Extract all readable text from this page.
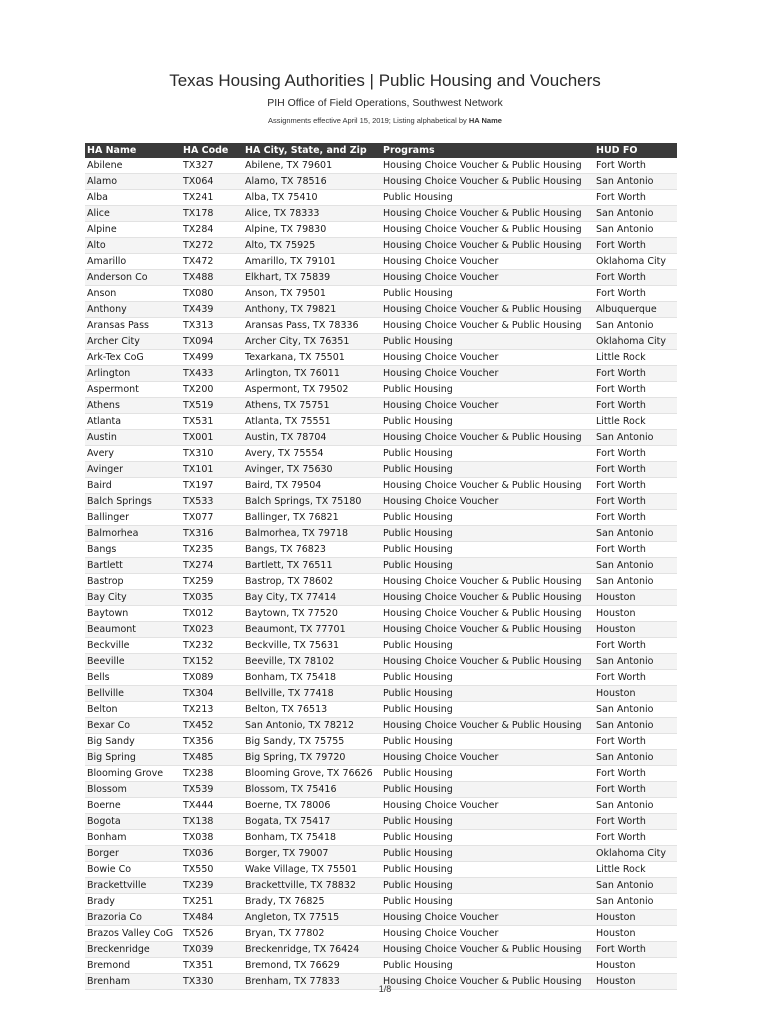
Texas Housing Authorities | Public Housing and Vouchers
PIH Office of Field Operations, Southwest Network
Assignments effective April 15, 2019; Listing alphabetical by HA Name
HA Name	HA Code	HA City, State, and Zip	Programs	HUD FO
Abilene	TX327	Abilene, TX 79601	Housing Choice Voucher & Public Housing	Fort Worth
Alamo	TX064	Alamo, TX 78516	Housing Choice Voucher & Public Housing	San Antonio
Alba	TX241	Alba, TX 75410	Public Housing	Fort Worth
Alice	TX178	Alice, TX 78333	Housing Choice Voucher & Public Housing	San Antonio
Alpine	TX284	Alpine, TX 79830	Housing Choice Voucher & Public Housing	San Antonio
Alto	TX272	Alto, TX 75925	Housing Choice Voucher & Public Housing	Fort Worth
Amarillo	TX472	Amarillo, TX 79101	Housing Choice Voucher	Oklahoma City
Anderson Co	TX488	Elkhart, TX 75839	Housing Choice Voucher	Fort Worth
Anson	TX080	Anson, TX 79501	Public Housing	Fort Worth
Anthony	TX439	Anthony, TX 79821	Housing Choice Voucher & Public Housing	Albuquerque
Aransas Pass	TX313	Aransas Pass, TX 78336	Housing Choice Voucher & Public Housing	San Antonio
Archer City	TX094	Archer City, TX 76351	Public Housing	Oklahoma City
Ark-Tex CoG	TX499	Texarkana, TX 75501	Housing Choice Voucher	Little Rock
Arlington	TX433	Arlington, TX 76011	Housing Choice Voucher	Fort Worth
Aspermont	TX200	Aspermont, TX 79502	Public Housing	Fort Worth
Athens	TX519	Athens, TX 75751	Housing Choice Voucher	Fort Worth
Atlanta	TX531	Atlanta, TX 75551	Public Housing	Little Rock
Austin	TX001	Austin, TX 78704	Housing Choice Voucher & Public Housing	San Antonio
Avery	TX310	Avery, TX 75554	Public Housing	Fort Worth
Avinger	TX101	Avinger, TX 75630	Public Housing	Fort Worth
Baird	TX197	Baird, TX 79504	Housing Choice Voucher & Public Housing	Fort Worth
Balch Springs	TX533	Balch Springs, TX 75180	Housing Choice Voucher	Fort Worth
Ballinger	TX077	Ballinger, TX 76821	Public Housing	Fort Worth
Balmorhea	TX316	Balmorhea, TX 79718	Public Housing	San Antonio
Bangs	TX235	Bangs, TX 76823	Public Housing	Fort Worth
Bartlett	TX274	Bartlett, TX 76511	Public Housing	San Antonio
Bastrop	TX259	Bastrop, TX 78602	Housing Choice Voucher & Public Housing	San Antonio
Bay City	TX035	Bay City, TX 77414	Housing Choice Voucher & Public Housing	Houston
Baytown	TX012	Baytown, TX 77520	Housing Choice Voucher & Public Housing	Houston
Beaumont	TX023	Beaumont, TX 77701	Housing Choice Voucher & Public Housing	Houston
Beckville	TX232	Beckville, TX 75631	Public Housing	Fort Worth
Beeville	TX152	Beeville, TX 78102	Housing Choice Voucher & Public Housing	San Antonio
Bells	TX089	Bonham, TX 75418	Public Housing	Fort Worth
Bellville	TX304	Bellville, TX 77418	Public Housing	Houston
Belton	TX213	Belton, TX 76513	Public Housing	San Antonio
Bexar Co	TX452	San Antonio, TX 78212	Housing Choice Voucher & Public Housing	San Antonio
Big Sandy	TX356	Big Sandy, TX 75755	Public Housing	Fort Worth
Big Spring	TX485	Big Spring, TX 79720	Housing Choice Voucher	San Antonio
Blooming Grove	TX238	Blooming Grove, TX 76626	Public Housing	Fort Worth
Blossom	TX539	Blossom, TX 75416	Public Housing	Fort Worth
Boerne	TX444	Boerne, TX 78006	Housing Choice Voucher	San Antonio
Bogota	TX138	Bogata, TX 75417	Public Housing	Fort Worth
Bonham	TX038	Bonham, TX 75418	Public Housing	Fort Worth
Borger	TX036	Borger, TX 79007	Public Housing	Oklahoma City
Bowie Co	TX550	Wake Village, TX 75501	Public Housing	Little Rock
Brackettville	TX239	Brackettville, TX 78832	Public Housing	San Antonio
Brady	TX251	Brady, TX 76825	Public Housing	San Antonio
Brazoria Co	TX484	Angleton, TX 77515	Housing Choice Voucher	Houston
Brazos Valley CoG	TX526	Bryan, TX 77802	Housing Choice Voucher	Houston
Breckenridge	TX039	Breckenridge, TX 76424	Housing Choice Voucher & Public Housing	Fort Worth
Bremond	TX351	Bremond, TX 76629	Public Housing	Houston
Brenham	TX330	Brenham, TX 77833	Housing Choice Voucher & Public Housing	Houston
1/8
